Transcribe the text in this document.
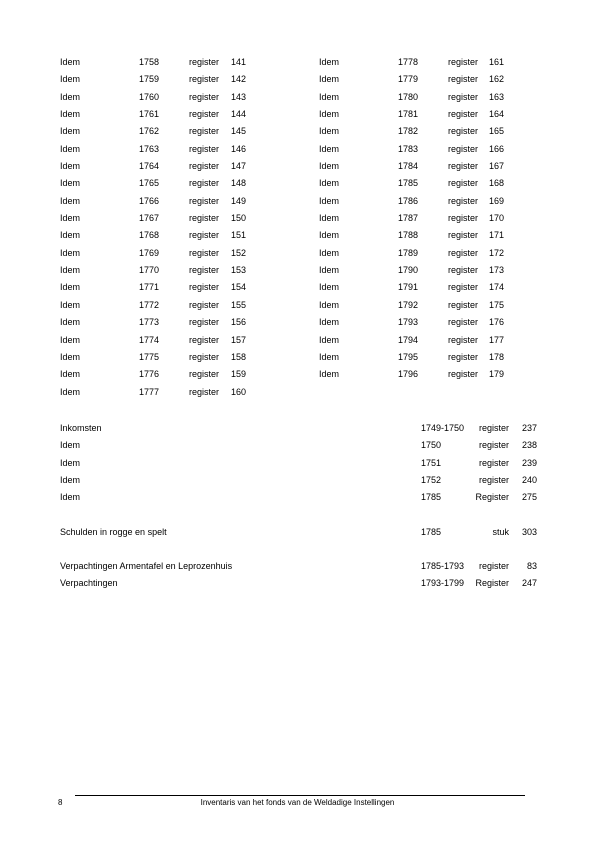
Idem	1758	register 141
Idem	1759	register 142
Idem	1760	register 143
Idem	1761	register 144
Idem	1762	register 145
Idem	1763	register 146
Idem	1764	register 147
Idem	1765	register 148
Idem	1766	register 149
Idem	1767	register 150
Idem	1768	register 151
Idem	1769	register 152
Idem	1770	register 153
Idem	1771	register 154
Idem	1772	register 155
Idem	1773	register 156
Idem	1774	register 157
Idem	1775	register 158
Idem	1776	register 159
Idem	1777	register 160
Idem	1778	register 161
Idem	1779	register 162
Idem	1780	register 163
Idem	1781	register 164
Idem	1782	register 165
Idem	1783	register 166
Idem	1784	register 167
Idem	1785	register 168
Idem	1786	register 169
Idem	1787	register 170
Idem	1788	register 171
Idem	1789	register 172
Idem	1790	register 173
Idem	1791	register 174
Idem	1792	register 175
Idem	1793	register 176
Idem	1794	register 177
Idem	1795	register 178
Idem	1796	register 179
Inkomsten	1749-1750 register 237
Idem	1750	register 238
Idem	1751	register 239
Idem	1752	register 240
Idem	1785	Register 275
Schulden in rogge en spelt	1785	stuk 303
Verpachtingen Armentafel en Leprozenhuis	1785-1793 register 83
Verpachtingen	1793-1799 Register 247
Inventaris van het fonds van de Weldadige Instellingen
8
